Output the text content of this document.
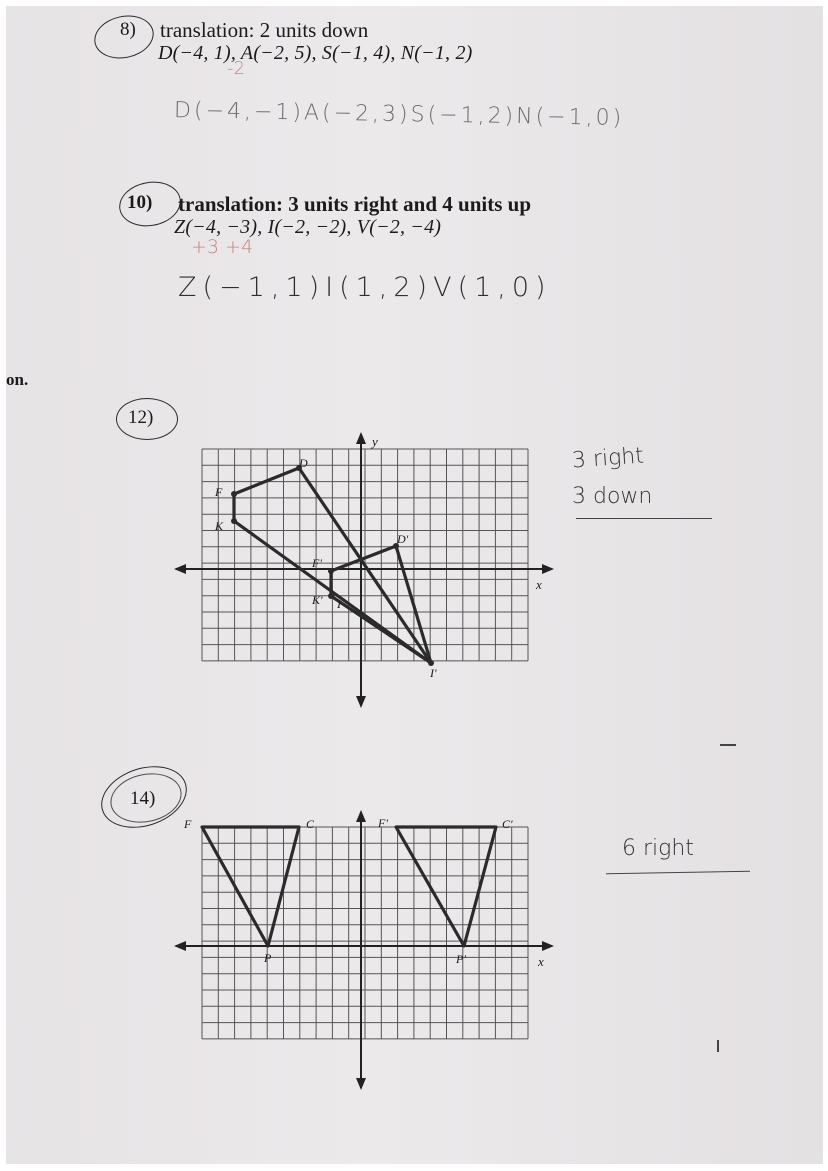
on.
8) translation: 2 units down
D(−4, 1), A(−2, 5), S(−1, 4), N(−1, 2)
-2
D(−4,−1)A(−2,3)S(−1,2)N(−1,0)
10) translation: 3 units right and 4 units up
Z(−4, −3), I(−2, −2), V(−2, −4)
+3 +4
Z(−1,1)I(1,2)V(1,0)
12)
x
y
D
F
K
D'
F'
K' I
I'
3 right
3 down
14)
x
F	C
P
F'	C'
P'
6 right
